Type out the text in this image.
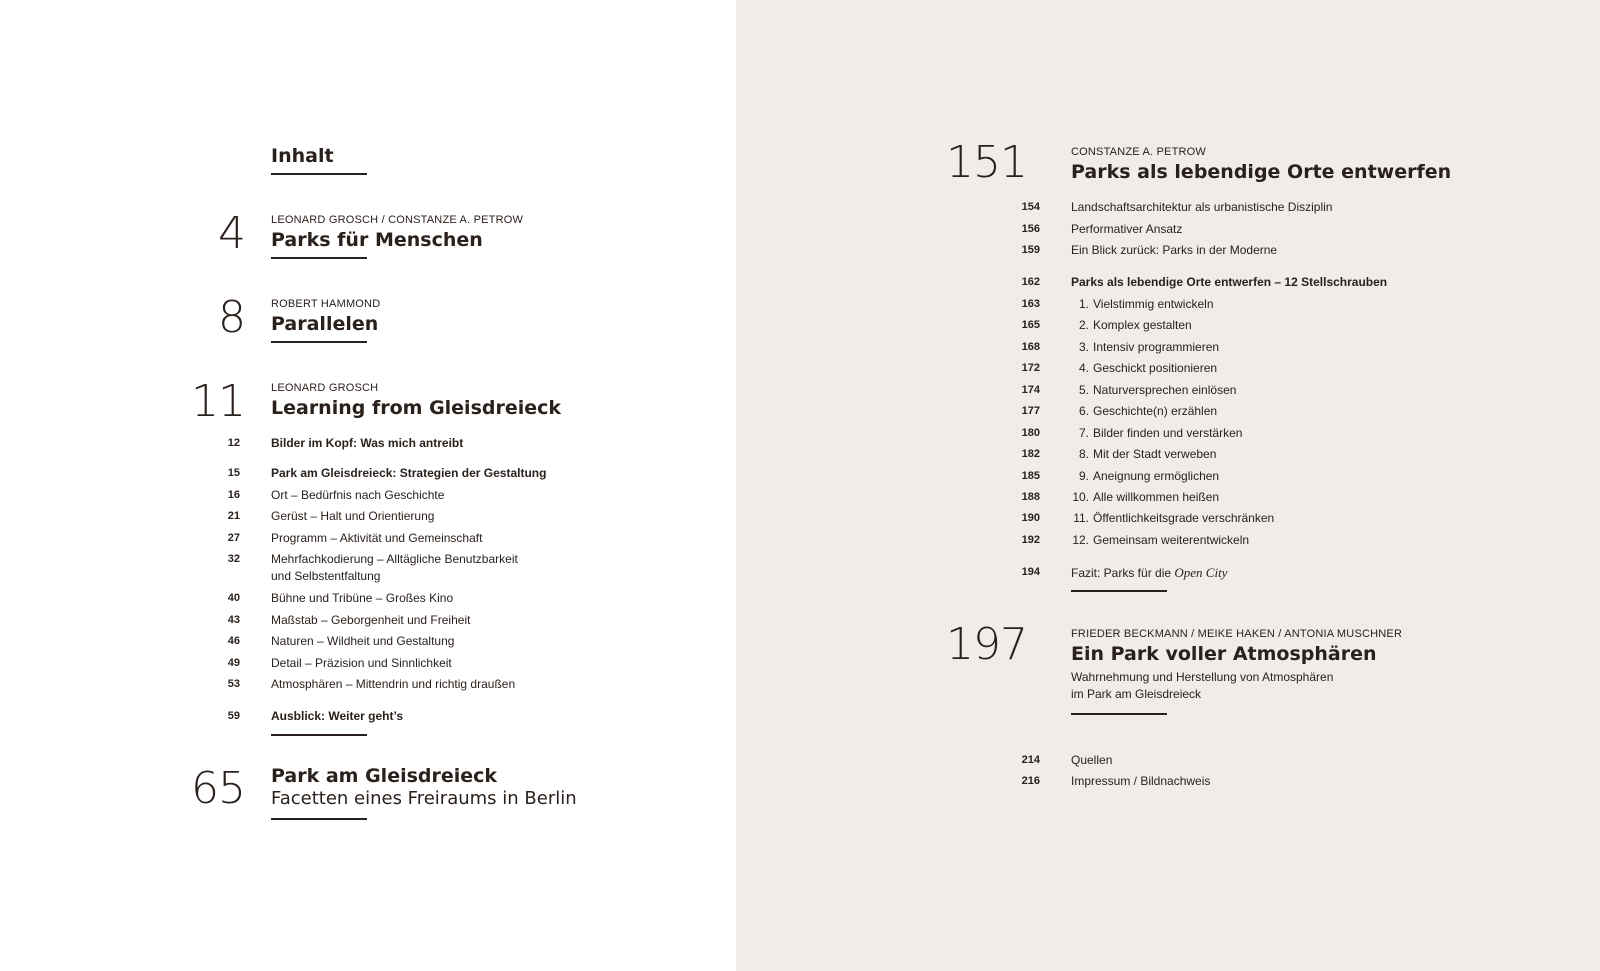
Inhalt
4 LEONARD GROSCH / CONSTANZE A. PETROW
Parks für Menschen
8 ROBERT HAMMOND
Parallelen
11 LEONARD GROSCH
Learning from Gleisdreieck
12	Bilder im Kopf: Was mich antreibt
15	Park am Gleisdreieck: Strategien der Gestaltung
16	Ort – Bedürfnis nach Geschichte
21	Gerüst – Halt und Orientierung
27	Programm – Aktivität und Gemeinschaft
32	Mehrfachkodierung – Alltägliche Benutzbarkeit
und Selbstentfaltung
40	Bühne und Tribüne – Großes Kino
43	Maßstab – Geborgenheit und Freiheit
46	Naturen – Wildheit und Gestaltung
49	Detail – Präzision und Sinnlichkeit
53	Atmosphären – Mittendrin und richtig draußen
59	Ausblick: Weiter geht’s
65 Park am Gleisdreieck
Facetten eines Freiraums in Berlin
151	CONSTANZE A. PETROW
Parks als lebendige Orte entwerfen
154	Landschaftsarchitektur als urbanistische Disziplin
156	Performativer Ansatz
159	Ein Blick zurück: Parks in der Moderne
162	Parks als lebendige Orte entwerfen – 12 Stellschrauben
163	1. Vielstimmig entwickeln
165	2. Komplex gestalten
168	3. Intensiv programmieren
172	4. Geschickt positionieren
174	5. Naturversprechen einlösen
177	6. Geschichte(n) erzählen
180	7. Bilder finden und verstärken
182	8. Mit der Stadt verweben
185	9. Aneignung ermöglichen
188	10. Alle willkommen heißen
190	11. Öffentlichkeitsgrade verschränken
192	12. Gemeinsam weiterentwickeln
194	Fazit: Parks für die Open City
197	FRIEDER BECKMANN / MEIKE HAKEN / ANTONIA MUSCHNER
Ein Park voller Atmosphären
Wahrnehmung und Herstellung von Atmosphären
im Park am Gleisdreieck
214	Quellen
216	Impressum / Bildnachweis
